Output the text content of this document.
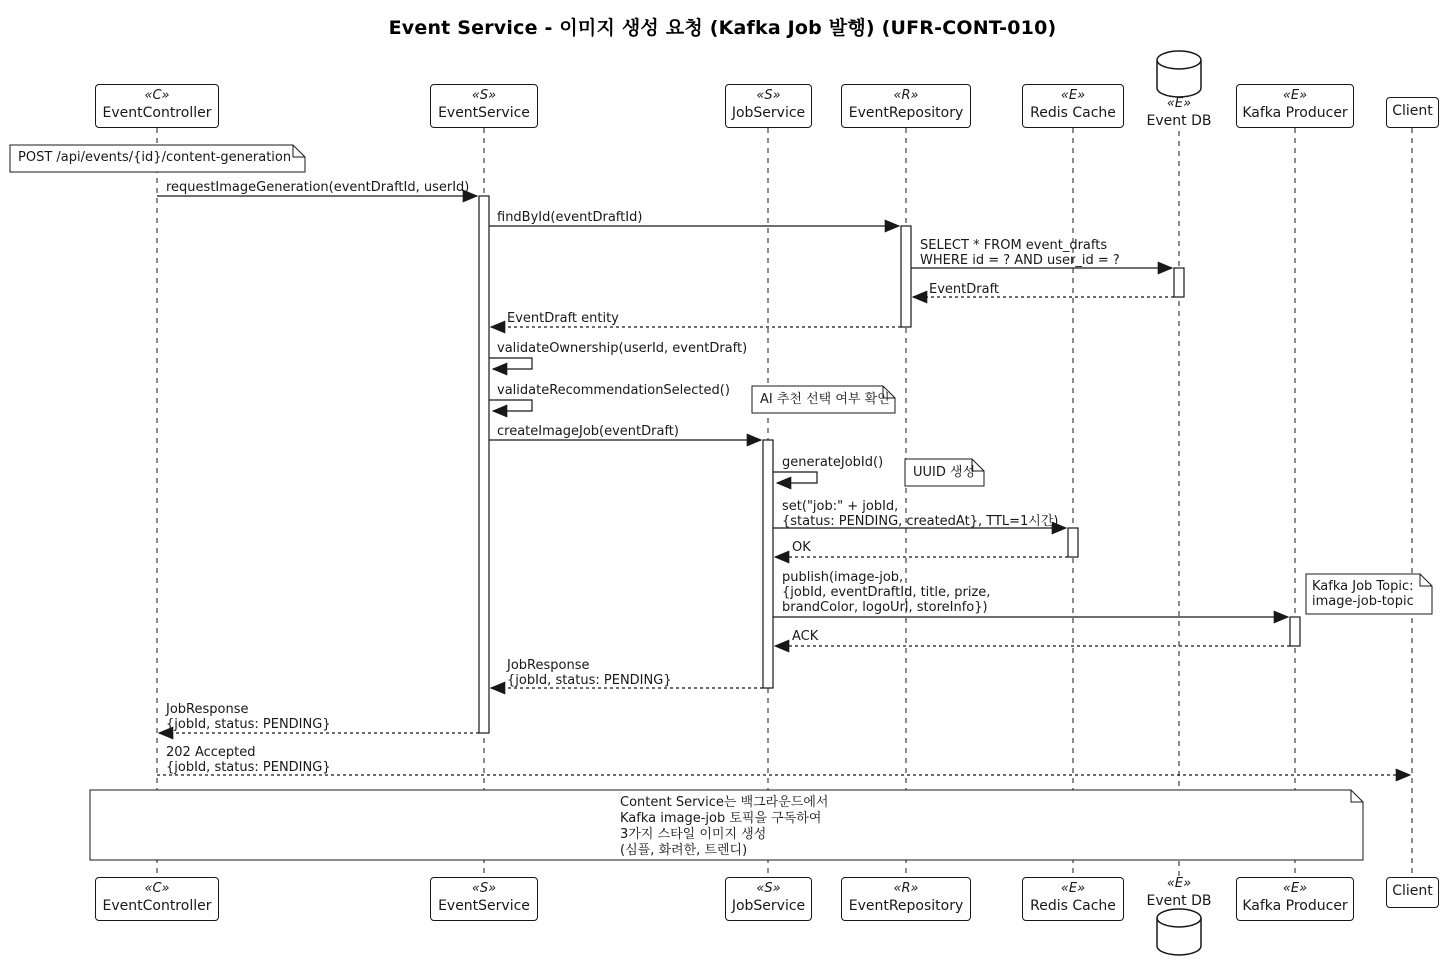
Event Service - 이미지 생성 요청 (Kafka Job 발행) (UFR-CONT-010)
«C»
EventController
«S»
EventService
«S»
JobService
«R»
EventRepository
«E»
Redis Cache
«E»
Event DB
«E»
Kafka Producer	Client
«C»
EventController
«S»
EventService
«S»
JobService
«R»
EventRepository
«E»
Redis Cache
«E»
Event DB
«E»
Kafka Producer
Client
POST /api/events/{id}/content-generation
AI 추천 선택 여부 확인
UUID 생성
Kafka Job Topic:
image-job-topic
Content Service는 백그라운드에서
Kafka image-job 토픽을 구독하여
3가지 스타일 이미지 생성
(심플, 화려한, 트렌디)
requestImageGeneration(eventDraftId, userId)
findById(eventDraftId)
SELECT * FROM event_drafts
WHERE id = ? AND user_id = ?
EventDraft
EventDraft entity
validateOwnership(userId, eventDraft)
validateRecommendationSelected()
createImageJob(eventDraft)
generateJobId()
set("job:" + jobId,
{status: PENDING, createdAt}, TTL=1시간)
OK
publish(image-job,
{jobId, eventDraftId, title, prize,
brandColor, logoUrl, storeInfo})
ACK
JobResponse
{jobId, status: PENDING}
JobResponse
{jobId, status: PENDING}
202 Accepted
{jobId, status: PENDING}
